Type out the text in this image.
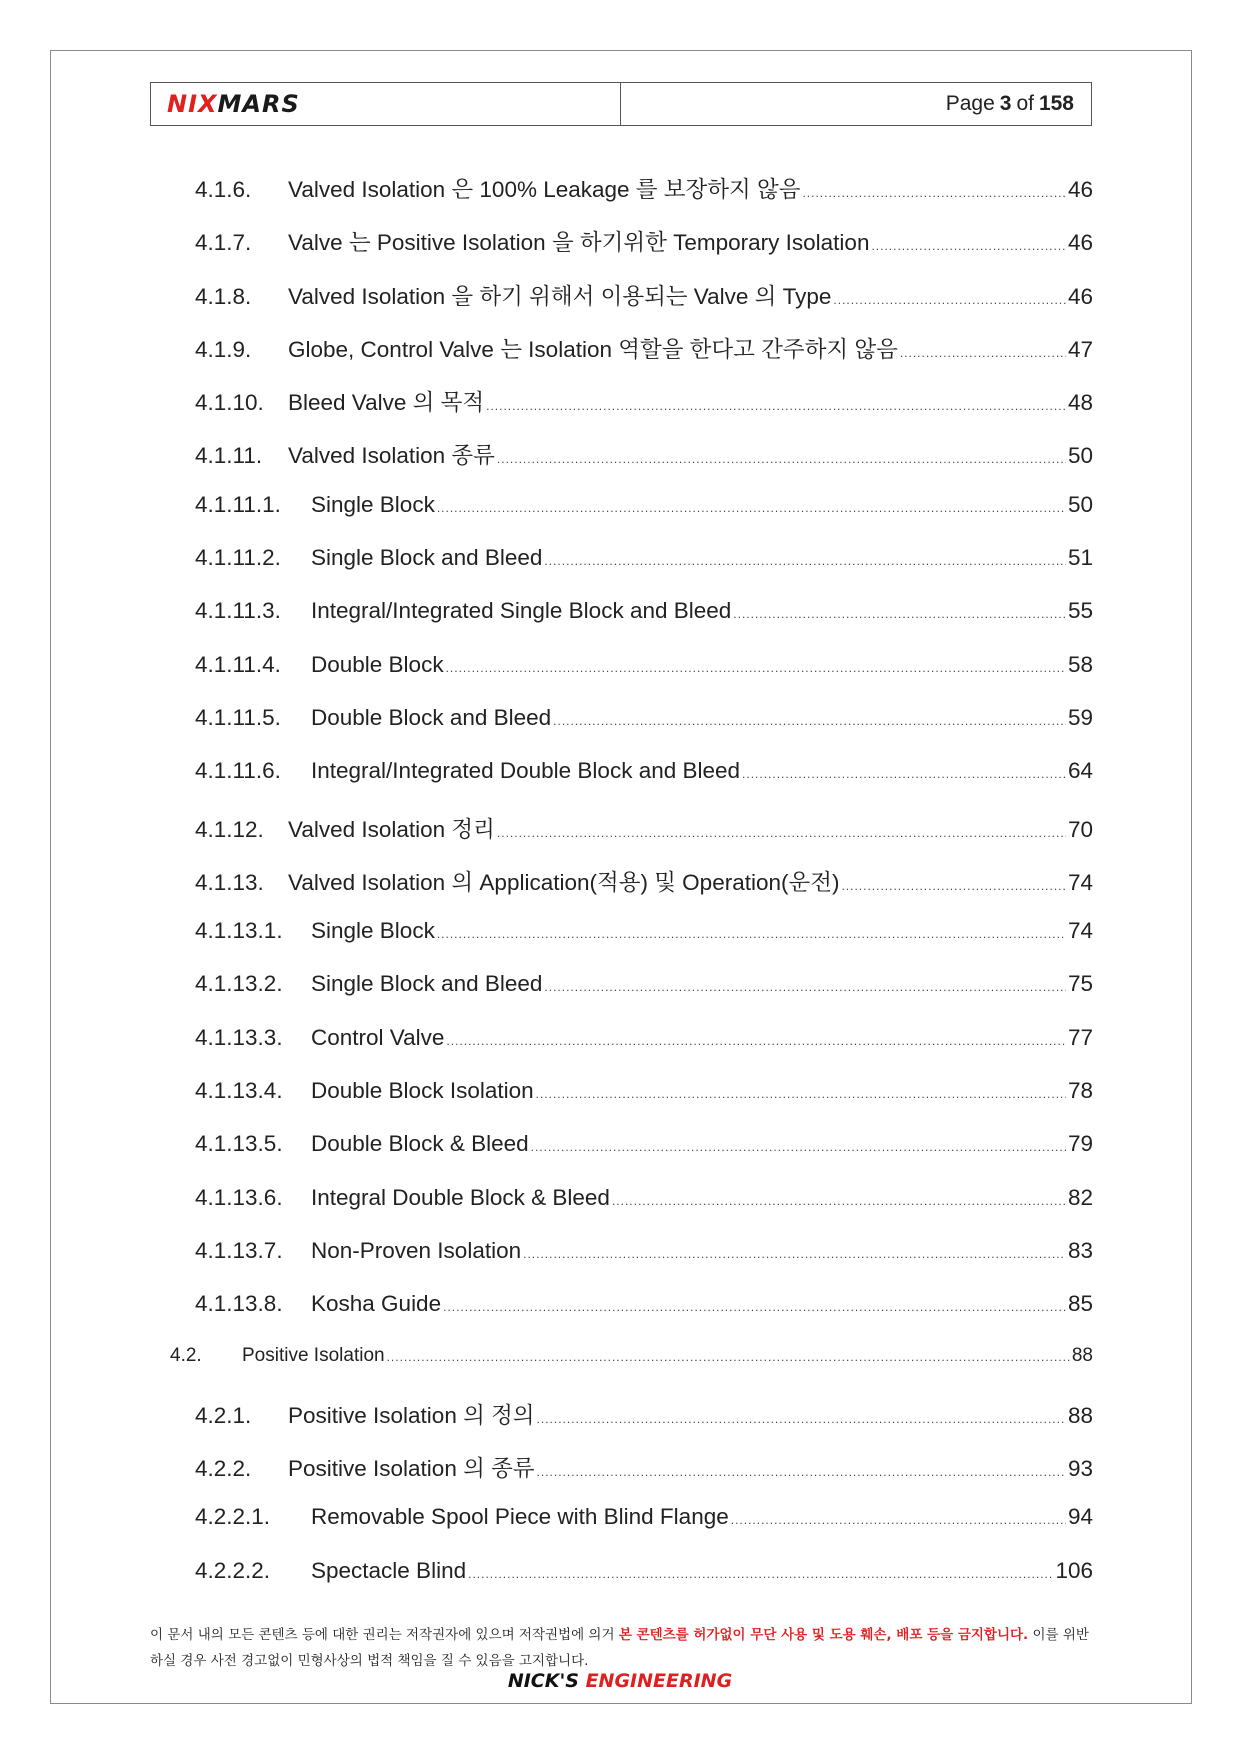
NIXMARS	Page 3 of 158
4.1.6.	Valved Isolation 은 100% Leakage 를 보장하지 않음 .....	46
4.1.7.	Valve 는 Positive Isolation 을 하기위한 Temporary Isolation .....	46
4.1.8.	Valved Isolation 을 하기 위해서 이용되는 Valve 의 Type .....	46
4.1.9.	Globe, Control Valve 는 Isolation 역할을 한다고 간주하지 않음 .....	47
4.1.10.	Bleed Valve 의 목적 .....	48
4.1.11.	Valved Isolation 종류 .....	50
4.1.11.1.	Single Block .....	50
4.1.11.2.	Single Block and Bleed .....	51
4.1.11.3.	Integral/Integrated Single Block and Bleed .....	55
4.1.11.4.	Double Block .....	58
4.1.11.5.	Double Block and Bleed .....	59
4.1.11.6.	Integral/Integrated Double Block and Bleed .....	64
4.1.12.	Valved Isolation 정리 .....	70
4.1.13.	Valved Isolation 의 Application(적용) 및 Operation(운전) .....	74
4.1.13.1.	Single Block .....	74
4.1.13.2.	Single Block and Bleed .....	75
4.1.13.3.	Control Valve .....	77
4.1.13.4.	Double Block Isolation .....	78
4.1.13.5.	Double Block & Bleed .....	79
4.1.13.6.	Integral Double Block & Bleed .....	82
4.1.13.7.	Non-Proven Isolation .....	83
4.1.13.8.	Kosha Guide .....	85
4.2.	Positive Isolation .....	88
4.2.1.	Positive Isolation 의 정의 .....	88
4.2.2.	Positive Isolation 의 종류 .....	93
4.2.2.1.	Removable Spool Piece with Blind Flange .....	94
4.2.2.2.	Spectacle Blind .....	106
이 문서 내의 모든 콘텐츠 등에 대한 권리는 저작권자에 있으며 저작권법에 의거 본 콘텐츠를 허가없이 무단 사용 및 도용 훼손, 배포 등을 금지합니다. 이를 위반 하실 경우 사전 경고없이 민형사상의 법적 책임을 질 수 있음을 고지합니다.
NICK'S ENGINEERING
